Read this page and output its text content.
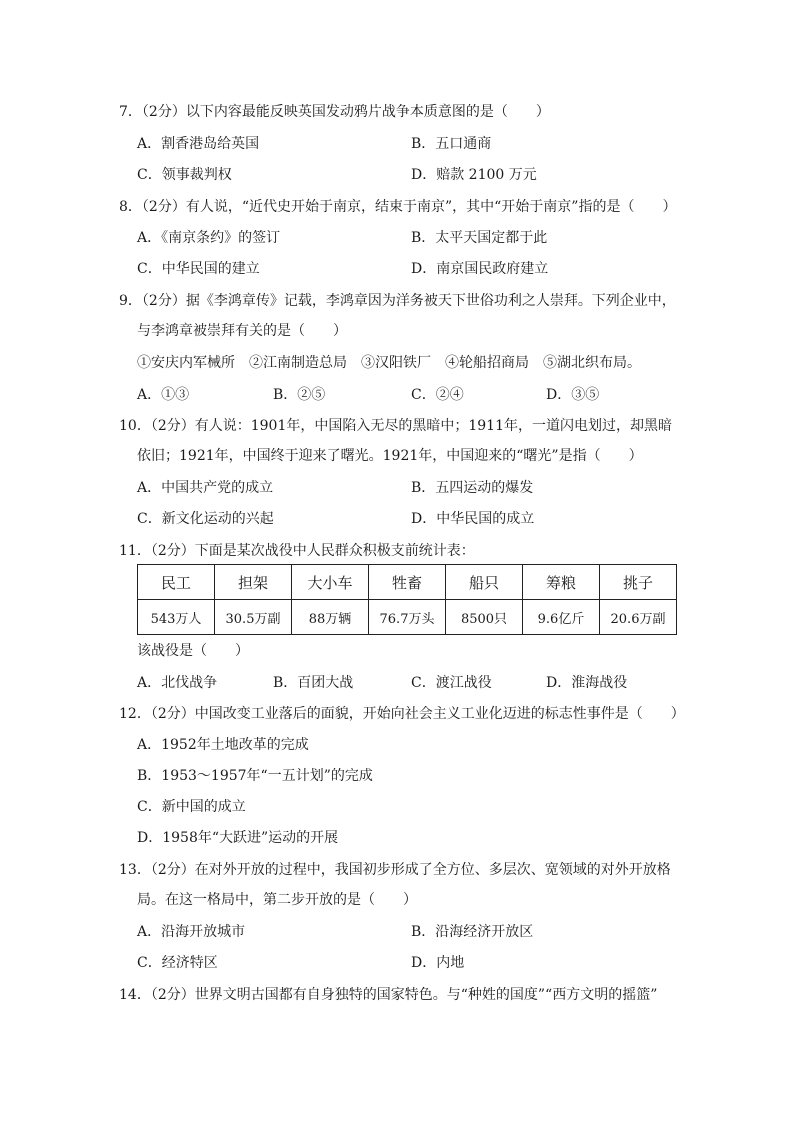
7．（2分）以下内容最能反映英国发动鸦片战争本质意图的是（　　）
A．割香港岛给英国	B．五口通商
C．领事裁判权	D．赔款 2100 万元
8．（2分）有人说，“近代史开始于南京，结束于南京”，其中“开始于南京”指的是（　　）
A．《南京条约》的签订	B．太平天国定都于此
C．中华民国的建立	D．南京国民政府建立
9．（2分）据《李鸿章传》记载，李鸿章因为洋务被天下世俗功利之人崇拜。下列企业中，
与李鸿章被崇拜有关的是（　　）
①安庆内军械所　②江南制造总局　③汉阳铁厂　④轮船招商局　⑤湖北织布局。
A．①③	B．②⑤	C．②④	D．③⑤
10．（2分）有人说：1901年，中国陷入无尽的黑暗中；1911年，一道闪电划过，却黑暗
依旧；1921年，中国终于迎来了曙光。1921年，中国迎来的“曙光”是指（　　）
A．中国共产党的成立	B．五四运动的爆发
C．新文化运动的兴起	D．中华民国的成立
11．（2分）下面是某次战役中人民群众积极支前统计表：
民工	担架	大小车	牲畜	船只	筹粮	挑子
543万人	30.5万副	88万辆	76.7万头	8500只	9.6亿斤	20.6万副
该战役是（　　）
A．北伐战争	B．百团大战	C．渡江战役	D．淮海战役
12．（2分）中国改变工业落后的面貌，开始向社会主义工业化迈进的标志性事件是（　　）
A．1952年土地改革的完成
B．1953～1957年“一五计划”的完成
C．新中国的成立
D．1958年“大跃进”运动的开展
13．（2分）在对外开放的过程中，我国初步形成了全方位、多层次、宽领域的对外开放格
局。在这一格局中，第二步开放的是（　　）
A．沿海开放城市	B．沿海经济开放区
C．经济特区	D．内地
14．（2分）世界文明古国都有自身独特的国家特色。与“种姓的国度”“西方文明的摇篮”
